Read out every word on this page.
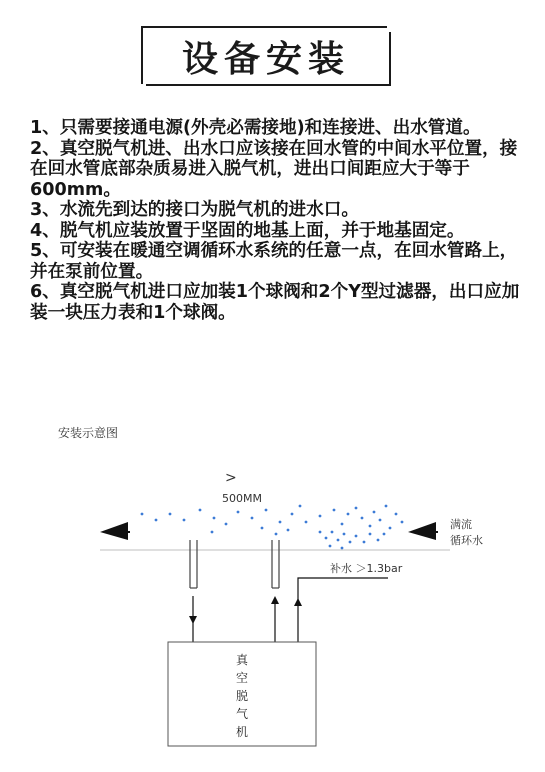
设备安装

1、只需要接通电源(外壳必需接地)和连接进、出水管道。

2、真空脱气机进、出水口应该接在回水管的中间水平位置，接在回水管底部杂质易进入脱气机，进出口间距应大于等于600mm。

3、水流先到达的接口为脱气机的进水口。

4、脱气机应装放置于坚固的地基上面，并于地基固定。

5、可安装在暖通空调循环水系统的任意一点，在回水管路上，并在泵前位置。

6、真空脱气机进口应加装1个球阀和2个Y型过滤器，出口应加装一块压力表和1个球阀。

安装示意图
>
500MM
满流
循环水
补水 ＞1.3bar
真
空
脱
气
机
